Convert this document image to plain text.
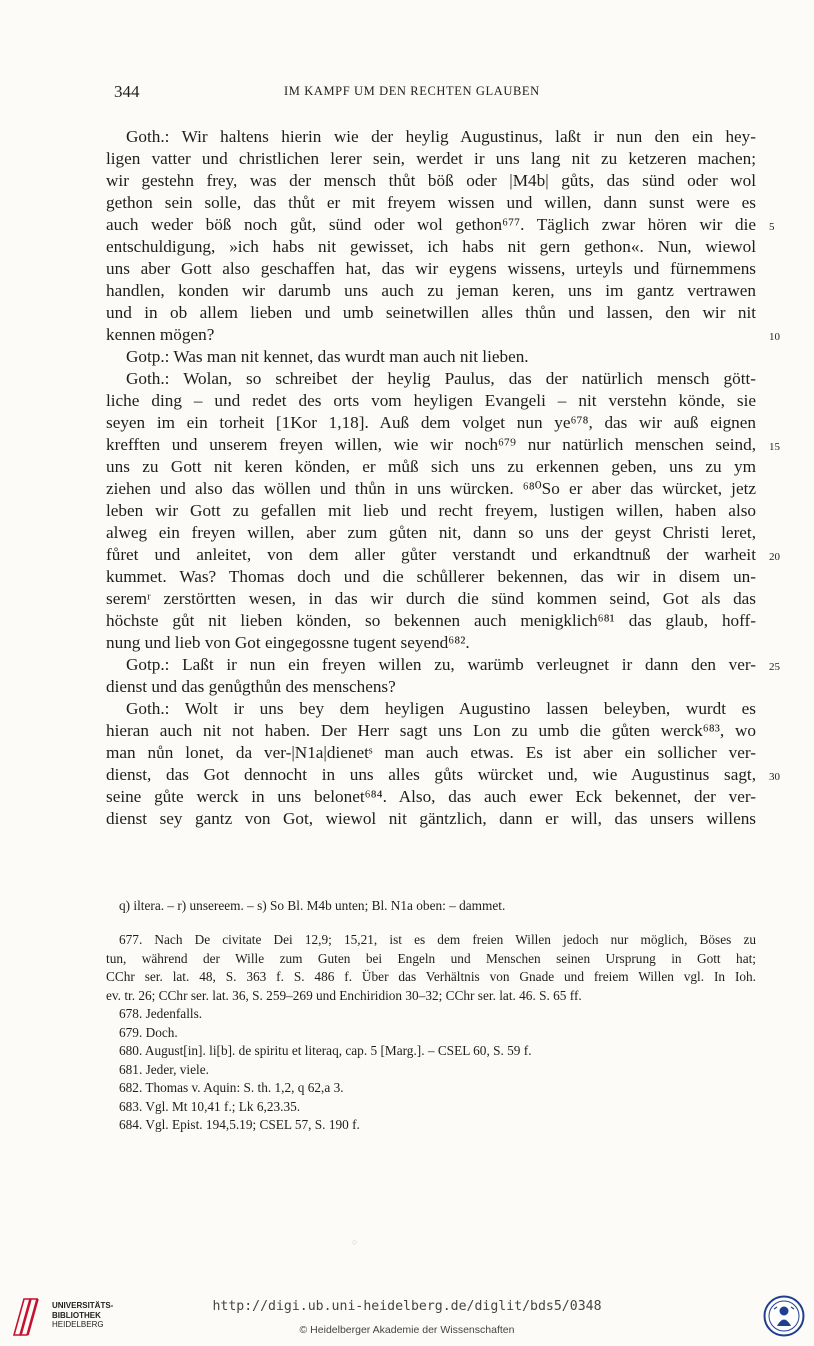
344	IM KAMPF UM DEN RECHTEN GLAUBEN
Goth.: Wir haltens hierin wie der heylig Augustinus, laßt ir nun den ein hey-
ligen vatter und christlichen lerer sein, werdet ir uns lang nit zu ketzeren machen;
wir gestehn frey, was der mensch thůt böß oder |M4b| gůts, das sünd oder wol
gethon sein solle, das thůt er mit freyem wissen und willen, dann sunst were es
auch weder böß noch gůt, sünd oder wol gethon⁶⁷⁷. Täglich zwar hören wir die 5
entschuldigung, »ich habs nit gewisset, ich habs nit gern gethon«. Nun, wiewol
uns aber Gott also geschaffen hat, das wir eygens wissens, urteyls und fürnemmens
handlen, konden wir darumb uns auch zu jeman keren, uns im gantz vertrawen
und in ob allem lieben und umb seinetwillen alles thůn und lassen, den wir nit
kennen mögen?	10
Gotp.: Was man nit kennet, das wurdt man auch nit lieben.
Goth.: Wolan, so schreibet der heylig Paulus, das der natürlich mensch gött-
liche ding – und redet des orts vom heyligen Evangeli – nit verstehn könde, sie
seyen im ein torheit [1Kor 1,18]. Auß dem volget nun ye⁶⁷⁸, das wir auß eignen
krefften und unserem freyen willen, wie wir noch⁶⁷⁹ nur natürlich menschen seind, 15
uns zu Gott nit keren könden, er můß sich uns zu erkennen geben, uns zu ym
ziehen und also das wöllen und thůn in uns würcken. ⁶⁸⁰So er aber das würcket, jetz
leben wir Gott zu gefallen mit lieb und recht freyem, lustigen willen, haben also
alweg ein freyen willen, aber zum gůten nit, dann so uns der geyst Christi leret,
fůret und anleitet, von dem aller gůter verstandt und erkandtnuß der warheit 20
kummet. Was? Thomas doch und die schůllerer bekennen, das wir in disem un-
seremʳ zerstörtten wesen, in das wir durch die sünd kommen seind, Got als das
höchste gůt nit lieben könden, so bekennen auch menigklich⁶⁸¹ das glaub, hoff-
nung und lieb von Got eingegossne tugent seyend⁶⁸².
Gotp.: Laßt ir nun ein freyen willen zu, warümb verleugnet ir dann den ver- 25
dienst und das genůgthůn des menschens?
Goth.: Wolt ir uns bey dem heyligen Augustino lassen beleyben, wurdt es
hieran auch nit not haben. Der Herr sagt uns Lon zu umb die gůten werck⁶⁸³, wo
man nůn lonet, da ver-|N1a|dienetˢ man auch etwas. Es ist aber ein sollicher ver-
dienst, das Got dennocht in uns alles gůts würcket und, wie Augustinus sagt, 30
seine gůte werck in uns belonet⁶⁸⁴. Also, das auch ewer Eck bekennet, der ver-
dienst sey gantz von Got, wiewol nit gäntzlich, dann er will, das unsers willens
q) iltera. – r) unsereem. – s) So Bl. M4b unten; Bl. N1a oben: – dammet.
677. Nach De civitate Dei 12,9; 15,21, ist es dem freien Willen jedoch nur möglich, Böses zu
tun, während der Wille zum Guten bei Engeln und Menschen seinen Ursprung in Gott hat;
CChr ser. lat. 48, S. 363 f. S. 486 f. Über das Verhältnis von Gnade und freiem Willen vgl. In Ioh.
ev. tr. 26; CChr ser. lat. 36, S. 259–269 und Enchiridion 30–32; CChr ser. lat. 46. S. 65 ff.
678. Jedenfalls.
679. Doch.
680. August[in]. li[b]. de spiritu et literaq, cap. 5 [Marg.]. – CSEL 60, S. 59 f.
681. Jeder, viele.
682. Thomas v. Aquin: S. th. 1,2, q 62,a 3.
683. Vgl. Mt 10,41 f.; Lk 6,23.35.
684. Vgl. Epist. 194,5.19; CSEL 57, S. 190 f.
○
UNIVERSITÄTS-
BIBLIOTHEK
HEIDELBERG
http://digi.ub.uni-heidelberg.de/diglit/bds5/0348
© Heidelberger Akademie der Wissenschaften
